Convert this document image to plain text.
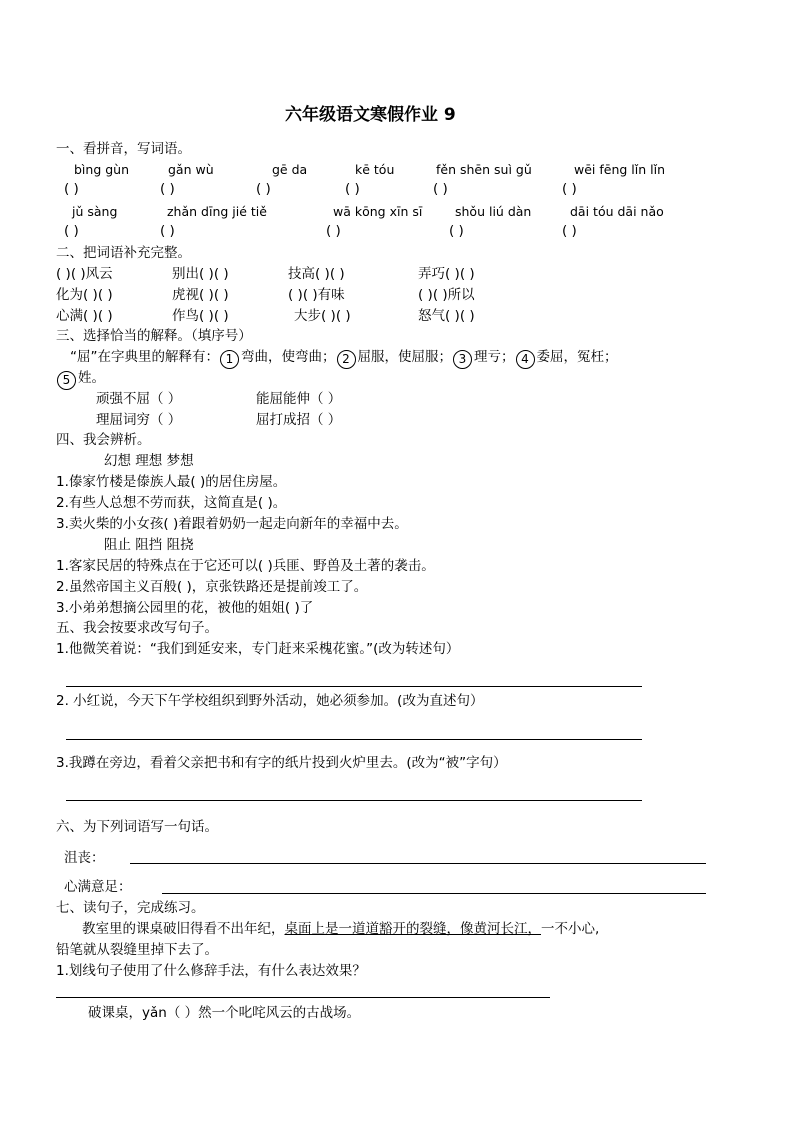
六年级语文寒假作业 9
一、看拼音，写词语。
bìng gùn	gǎn wù	gē da	kē tóu	fěn shēn suì gǔ	wēi fēng lǐn lǐn
( )	( )	( )	( )	( )	( )
jǔ sàng	zhǎn dīng jié tiě	wā kōng xīn sī	shǒu liú dàn	dāi tóu dāi nǎo
( )	( )	( )	( )	( )
二、把词语补充完整。
( )( )风云	别出( )( )	技高( )( )	弄巧( )( )
化为( )( )	虎视( )( )	( )( )有味	( )( )所以
心满( )( )	作鸟( )( )	大步( )( )	怒气( )( )
三、选择恰当的解释。（填序号）
“屈”在字典里的解释有： 1 弯曲，使弯曲； 2 屈服，使屈服； 3 理亏； 4 委屈，冤枉；
5 姓。
顽强不屈（ ）	能屈能伸（ ）
理屈词穷（ ）	屈打成招（ ）
四、我会辨析。
幻想 理想 梦想
1.傣家竹楼是傣族人最( )的居住房屋。
2.有些人总想不劳而获，这简直是( )。
3.卖火柴的小女孩( )着跟着奶奶一起走向新年的幸福中去。
阻止 阻挡 阻挠
1.客家民居的特殊点在于它还可以( )兵匪、野兽及土著的袭击。
2.虽然帝国主义百般( )，京张铁路还是提前竣工了。
3.小弟弟想摘公园里的花，被他的姐姐( )了
五、我会按要求改写句子。
1.他微笑着说：“我们到延安来，专门赶来采槐花蜜。”(改为转述句）
2. 小红说，今天下午学校组织到野外活动，她必须参加。(改为直述句）
3.我蹲在旁边，看着父亲把书和有字的纸片投到火炉里去。(改为“被”字句）
六、为下列词语写一句话。
沮丧：
心满意足：
七、读句子，完成练习。
教室里的课桌破旧得看不出年纪，桌面上是一道道豁开的裂缝，像黄河长江，一不小心,
铅笔就从裂缝里掉下去了。
1.划线句子使用了什么修辞手法，有什么表达效果？
破课桌，yǎn（ ）然一个叱咤风云的古战场。
